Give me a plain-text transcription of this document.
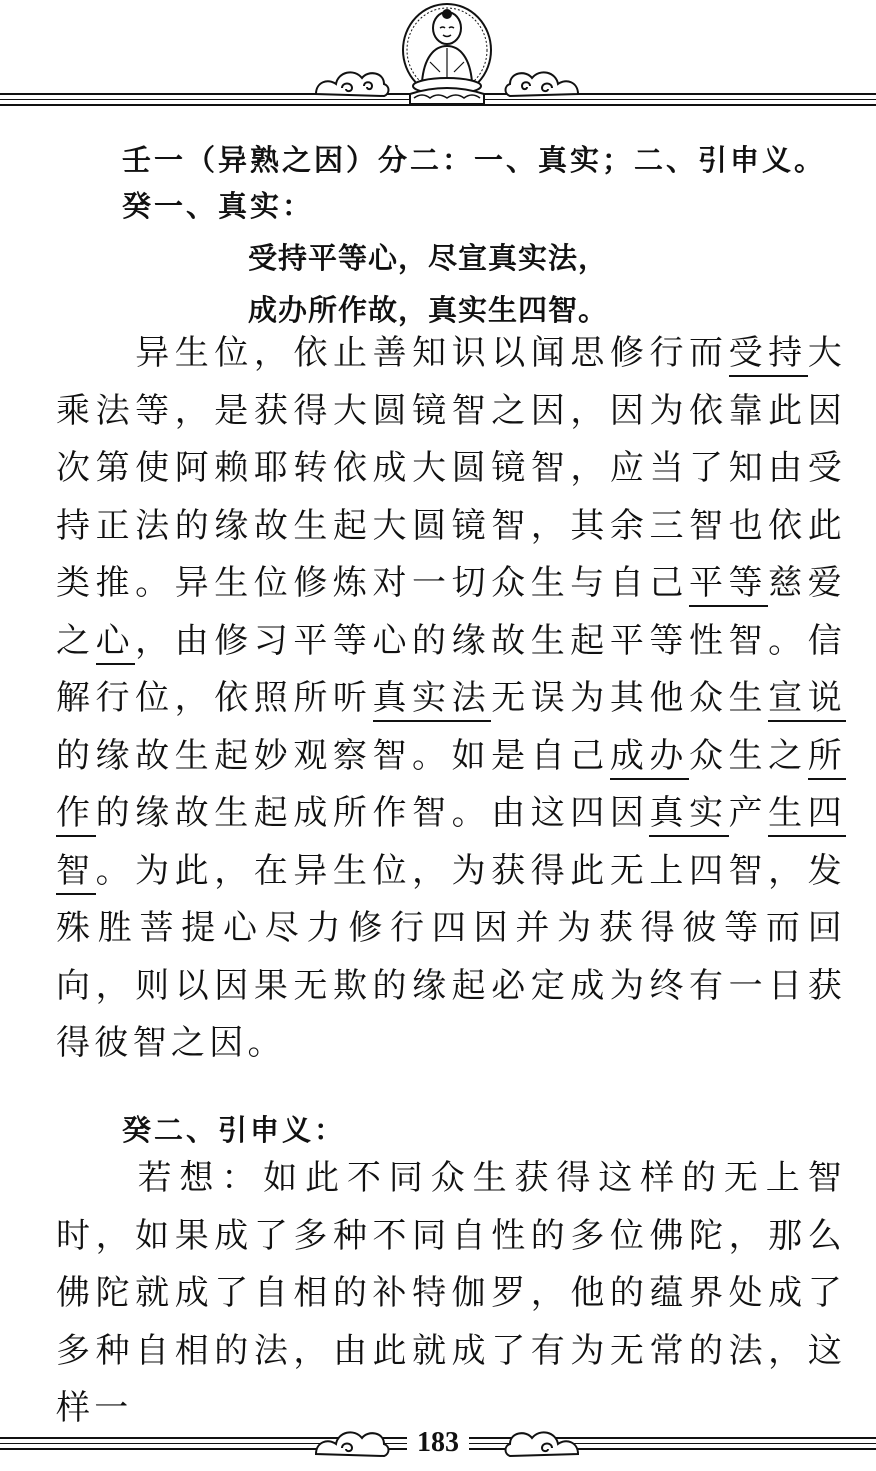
壬一（异熟之因）分二：一、真实；二、引申义。
癸一、真实：
受持平等心，尽宣真实法，
成办所作故，真实生四智。

异生位，依止善知识以闻思修行而受持大乘法等，是获得大圆镜智之因，因为依靠此因次第使阿赖耶转依成大圆镜智，应当了知由受持正法的缘故生起大圆镜智，其余三智也依此类推。异生位修炼对一切众生与自己平等慈爱之心，由修习平等心的缘故生起平等性智。信解行位，依照所听真实法无误为其他众生宣说的缘故生起妙观察智。如是自己成办众生之所作的缘故生起成所作智。由这四因真实产生四智。为此，在异生位，为获得此无上四智，发殊胜菩提心尽力修行四因并为获得彼等而回向，则以因果无欺的缘起必定成为终有一日获得彼智之因。

癸二、引申义：

若想：如此不同众生获得这样的无上智时，如果成了多种不同自性的多位佛陀，那么佛陀就成了自相的补特伽罗，他的蕴界处成了多种自相的法，由此就成了有为无常的法，这样一

183
